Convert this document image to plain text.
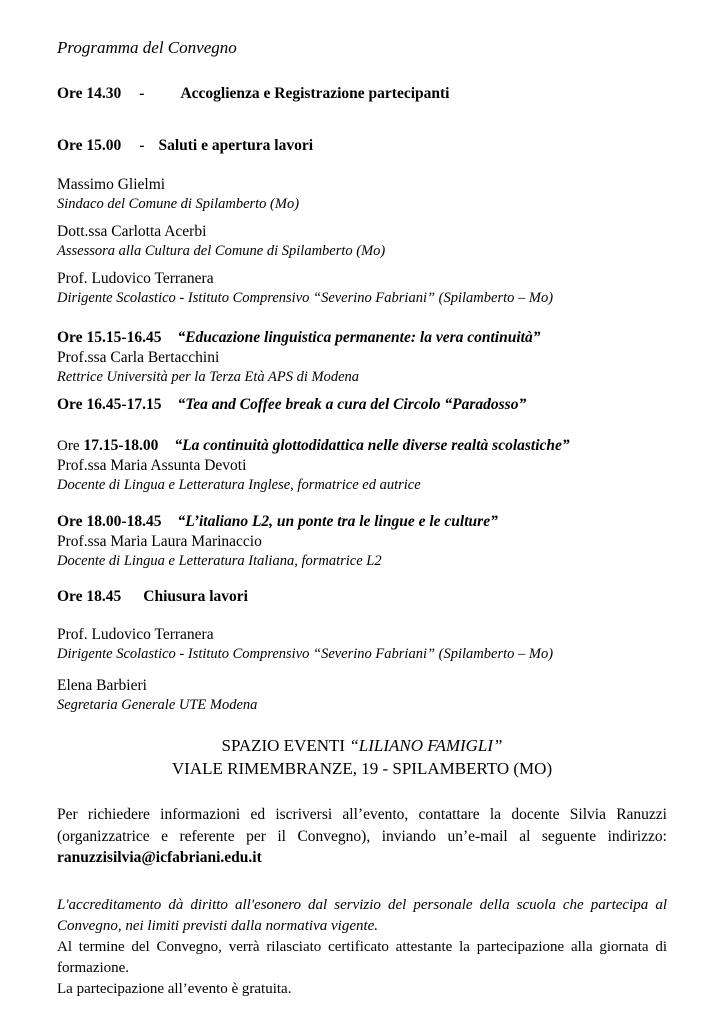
Programma del Convegno

Ore 14.30 - Accoglienza e Registrazione partecipanti

Ore 15.00 - Saluti e apertura lavori

Massimo Glielmi

Sindaco del Comune di Spilamberto (Mo)

Dott.ssa Carlotta Acerbi

Assessora alla Cultura del Comune di Spilamberto (Mo)

Prof. Ludovico Terranera

Dirigente Scolastico - Istituto Comprensivo “Severino Fabriani” (Spilamberto – Mo)

Ore 15.15-16.45 “Educazione linguistica permanente: la vera continuità”

Prof.ssa Carla Bertacchini

Rettrice Università per la Terza Età APS di Modena

Ore 16.45-17.15 “Tea and Coffee break a cura del Circolo “Paradosso”

Ore 17.15-18.00 “La continuità glottodidattica nelle diverse realtà scolastiche”

Prof.ssa Maria Assunta Devoti

Docente di Lingua e Letteratura Inglese, formatrice ed autrice

Ore 18.00-18.45 “L’italiano L2, un ponte tra le lingue e le culture”

Prof.ssa Maria Laura Marinaccio

Docente di Lingua e Letteratura Italiana, formatrice L2

Ore 18.45 Chiusura lavori

Prof. Ludovico Terranera

Dirigente Scolastico - Istituto Comprensivo “Severino Fabriani” (Spilamberto – Mo)

Elena Barbieri

Segretaria Generale UTE Modena

SPAZIO EVENTI “LILIANO FAMIGLI”

VIALE RIMEMBRANZE, 19 - SPILAMBERTO (MO)

Per richiedere informazioni ed iscriversi all’evento, contattare la docente Silvia Ranuzzi (organizzatrice e referente per il Convegno), inviando un’e-mail al seguente indirizzo: ranuzzisilvia@icfabriani.edu.it

L'accreditamento dà diritto all'esonero dal servizio del personale della scuola che partecipa al Convegno, nei limiti previsti dalla normativa vigente.

Al termine del Convegno, verrà rilasciato certificato attestante la partecipazione alla giornata di formazione.

La partecipazione all’evento è gratuita.
